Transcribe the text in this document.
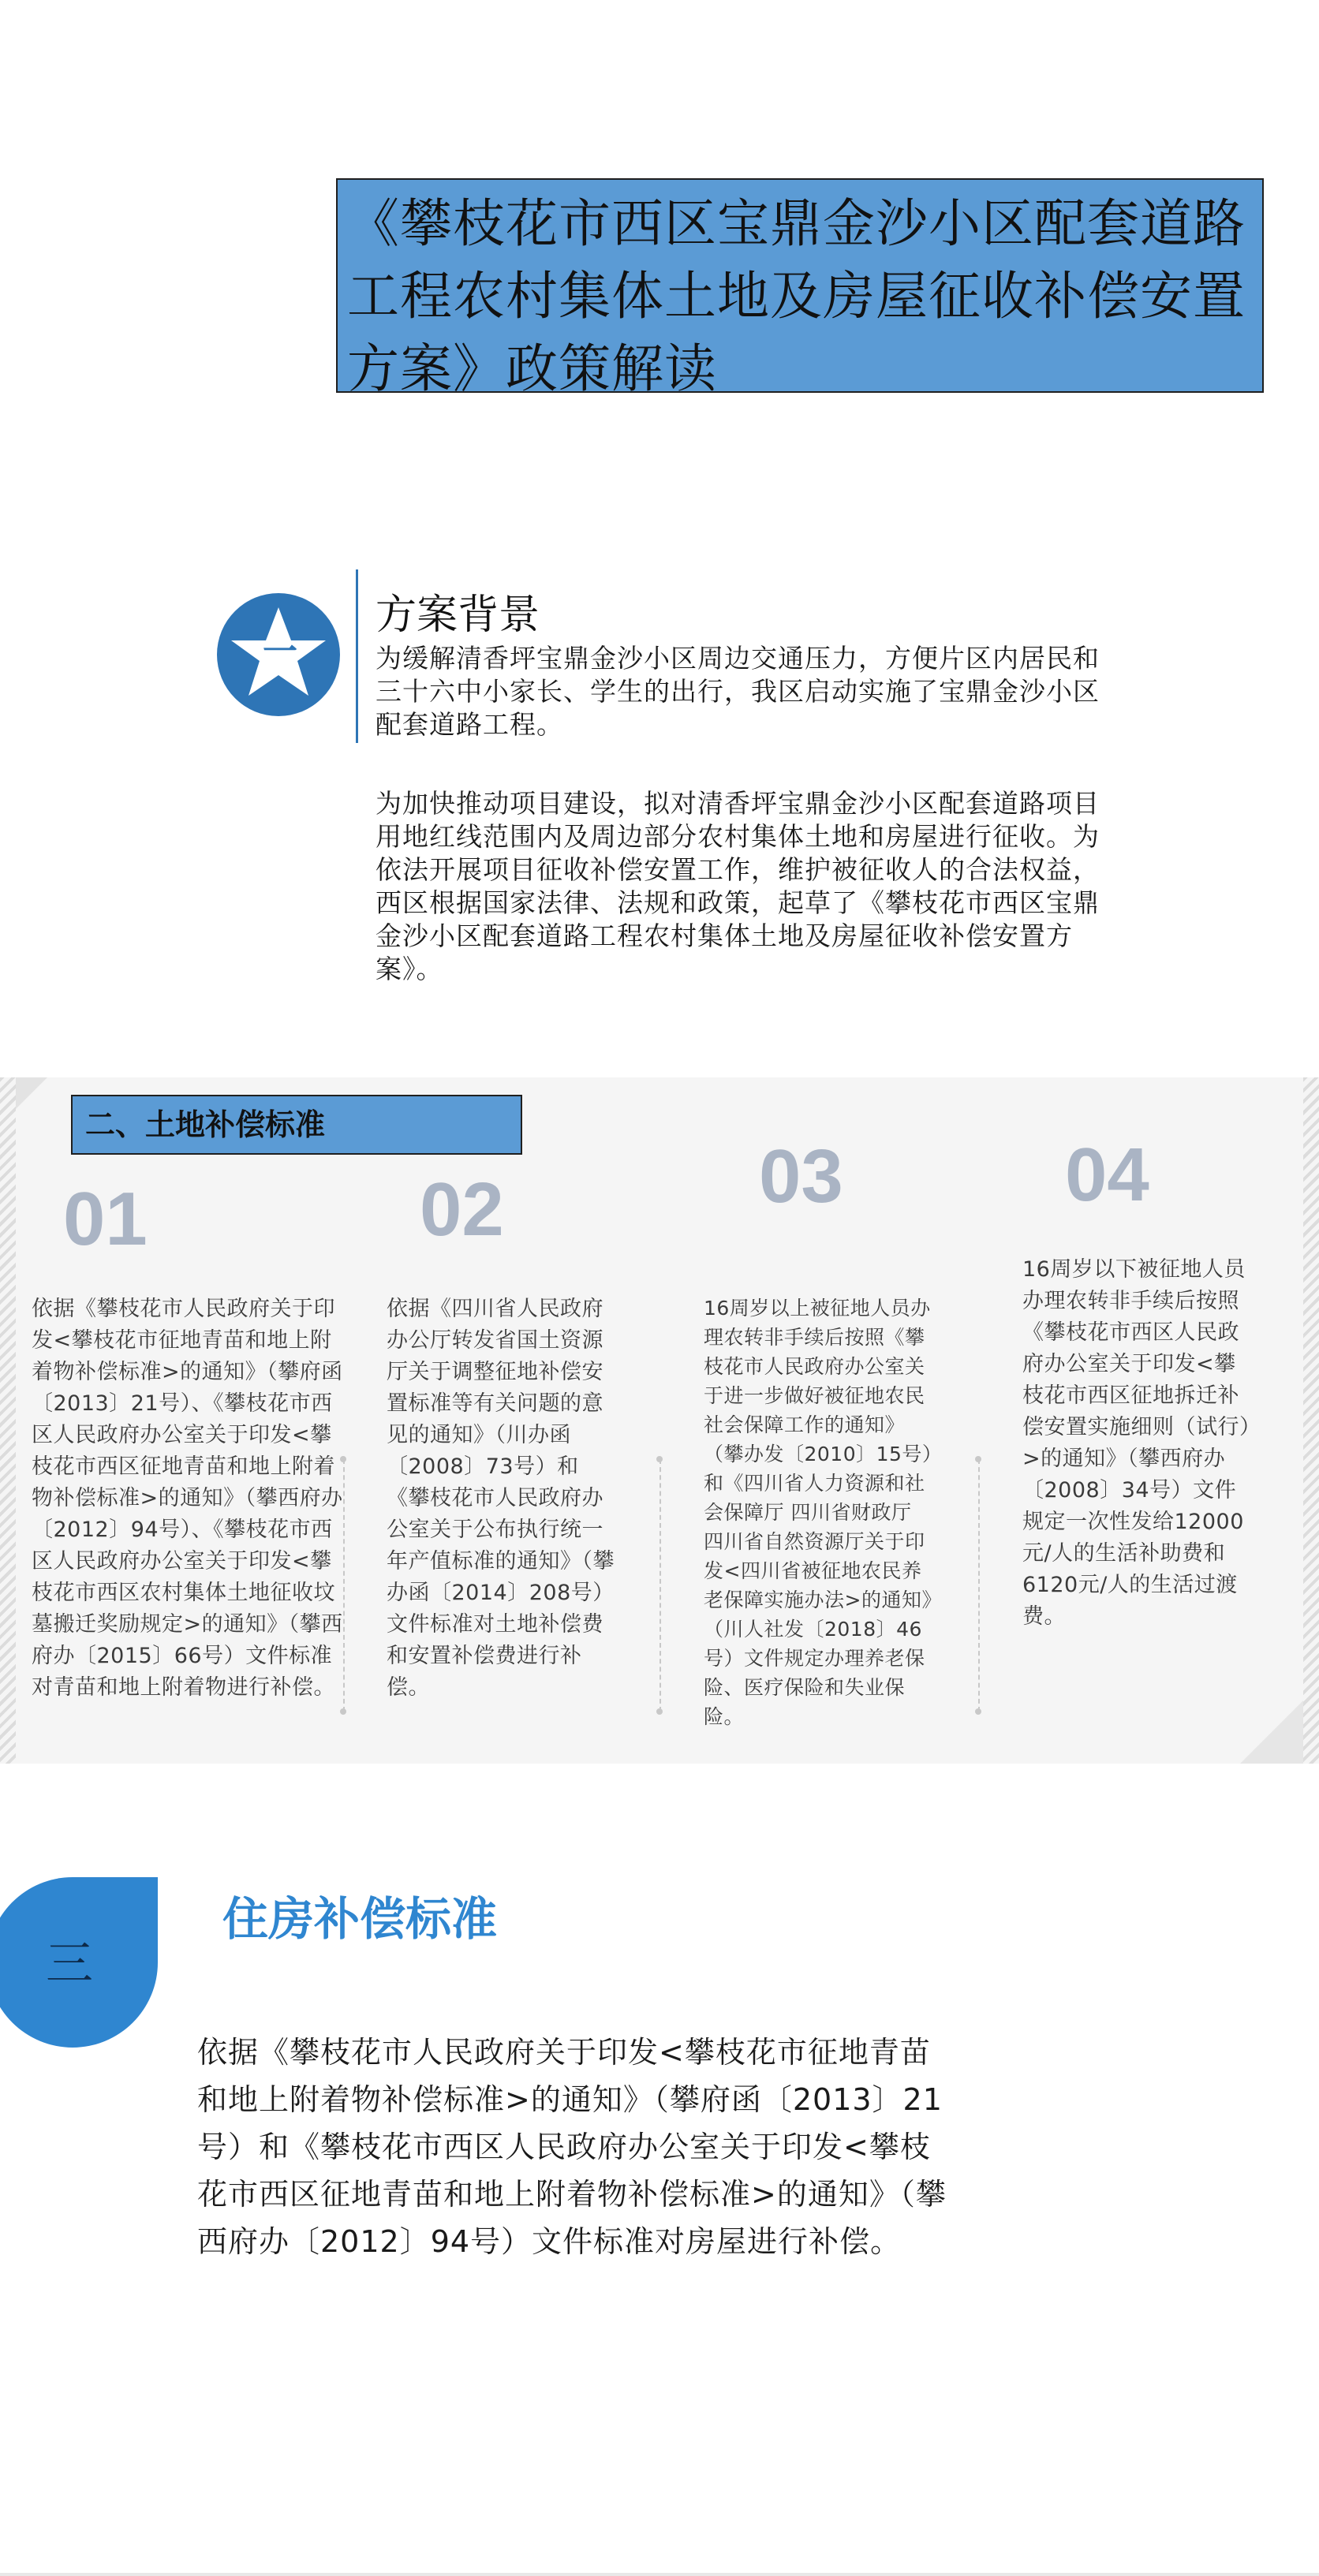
《攀枝花市西区宝鼎金沙小区配套道路工程农村集体土地及房屋征收补偿安置方案》政策解读

一
方案背景

为缓解清香坪宝鼎金沙小区周边交通压力，方便片区内居民和三十六中小家长、学生的出行，我区启动实施了宝鼎金沙小区配套道路工程。

为加快推动项目建设，拟对清香坪宝鼎金沙小区配套道路项目用地红线范围内及周边部分农村集体土地和房屋进行征收。为依法开展项目征收补偿安置工作，维护被征收人的合法权益，西区根据国家法律、法规和政策，起草了《攀枝花市西区宝鼎金沙小区配套道路工程农村集体土地及房屋征收补偿安置方案》。

二、土地补偿标准
01

依据《攀枝花市人民政府关于印发<攀枝花市征地青苗和地上附着物补偿标准>的通知》（攀府函〔2013〕21号）、《攀枝花市西区人民政府办公室关于印发<攀枝花市西区征地青苗和地上附着物补偿标准>的通知》（攀西府办〔2012〕94号）、《攀枝花市西区人民政府办公室关于印发<攀枝花市西区农村集体土地征收坟墓搬迁奖励规定>的通知》（攀西府办〔2015〕66号）文件标准对青苗和地上附着物进行补偿。

02

依据《四川省人民政府办公厅转发省国土资源厅关于调整征地补偿安置标准等有关问题的意见的通知》（川办函〔2008〕73号）和《攀枝花市人民政府办公室关于公布执行统一年产值标准的通知》（攀办函〔2014〕208号）文件标准对土地补偿费和安置补偿费进行补偿。

03

16周岁以上被征地人员办理农转非手续后按照《攀枝花市人民政府办公室关于进一步做好被征地农民社会保障工作的通知》（攀办发〔2010〕15号）和《四川省人力资源和社会保障厅 四川省财政厅 四川省自然资源厅关于印发<四川省被征地农民养老保障实施办法>的通知》（川人社发〔2018〕46号）文件规定办理养老保险、医疗保险和失业保险。

04

16周岁以下被征地人员办理农转非手续后按照《攀枝花市西区人民政府办公室关于印发<攀枝花市西区征地拆迁补偿安置实施细则（试行）>的通知》（攀西府办〔2008〕34号）文件规定一次性发给12000元/人的生活补助费和6120元/人的生活过渡费。

三
住房补偿标准

依据《攀枝花市人民政府关于印发<攀枝花市征地青苗和地上附着物补偿标准>的通知》（攀府函〔2013〕21号）和《攀枝花市西区人民政府办公室关于印发<攀枝花市西区征地青苗和地上附着物补偿标准>的通知》（攀西府办〔2012〕94号）文件标准对房屋进行补偿。
